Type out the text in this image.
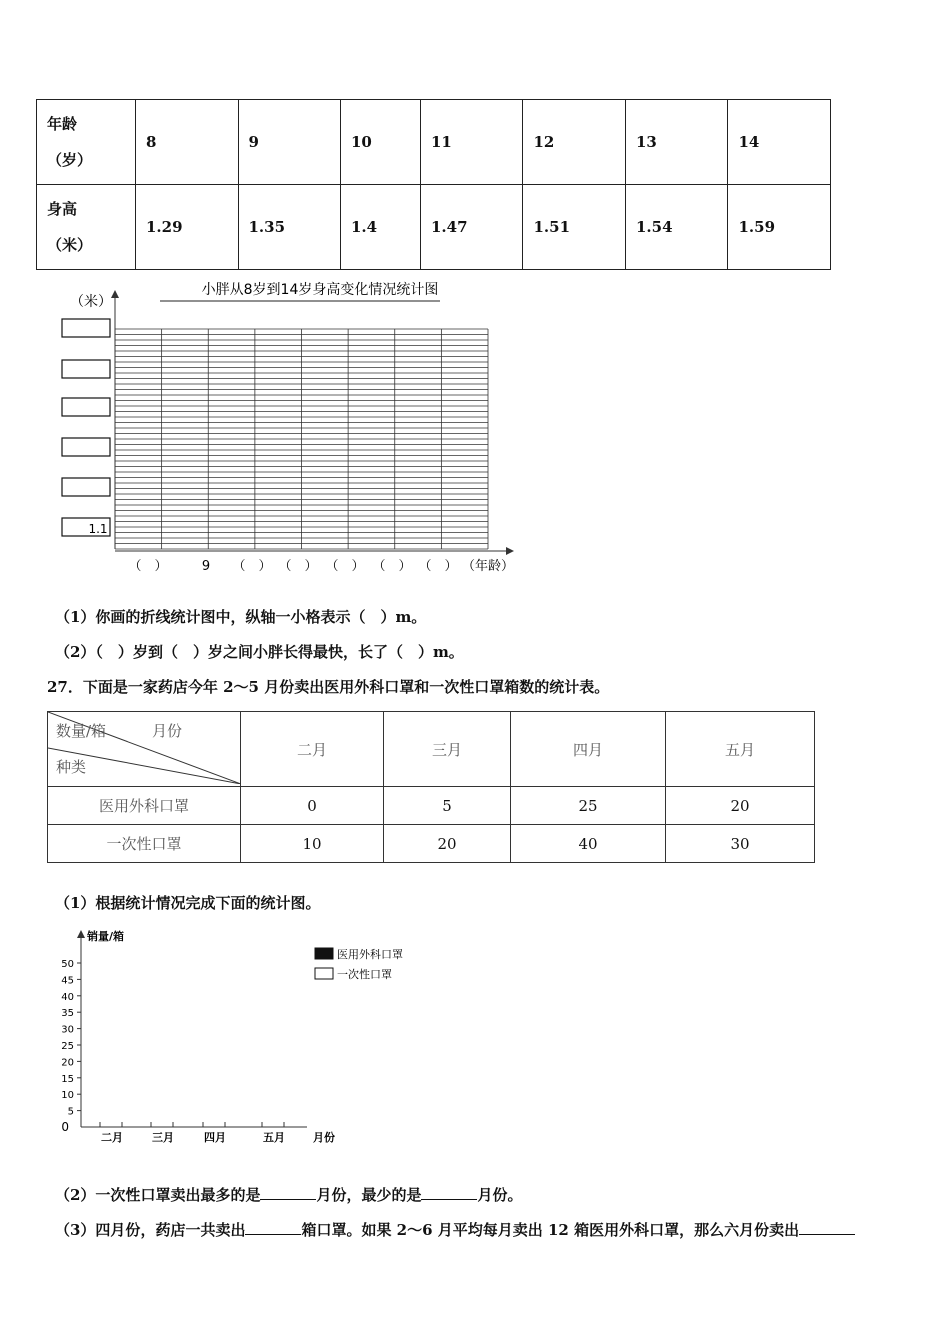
年龄
（岁）	8	9	10	11	12	13	14
身高
（米）	1.29	1.35	1.4	1.47	1.51	1.54	1.59
小胖从8岁到14岁身高变化情况统计图
（米）
1.1
（　）	9 （　） （　） （　） （　） （　） （年龄）
（1）你画的折线统计图中，纵轴一小格表示（　）m。
（2）（　）岁到（　）岁之间小胖长得最快，长了（　）m。
27．下面是一家药店今年 2～5 月份卖出医用外科口罩和一次性口罩箱数的统计表。
数量/箱 月份
种类	二月	三月	四月	五月
医用外科口罩	0	5	25	20
一次性口罩	10	20	40	30
（1）根据统计情况完成下面的统计图。
销量/箱
0
5
10
15
20
25
30
35
40
45
50
二月	三月	四月	五月	月份
医用外科口罩
一次性口罩
（2）一次性口罩卖出最多的是	月份，最少的是	月份。
（3）四月份，药店一共卖出	箱口罩。如果 2～6 月平均每月卖出 12 箱医用外科口罩，那么六月份卖出
